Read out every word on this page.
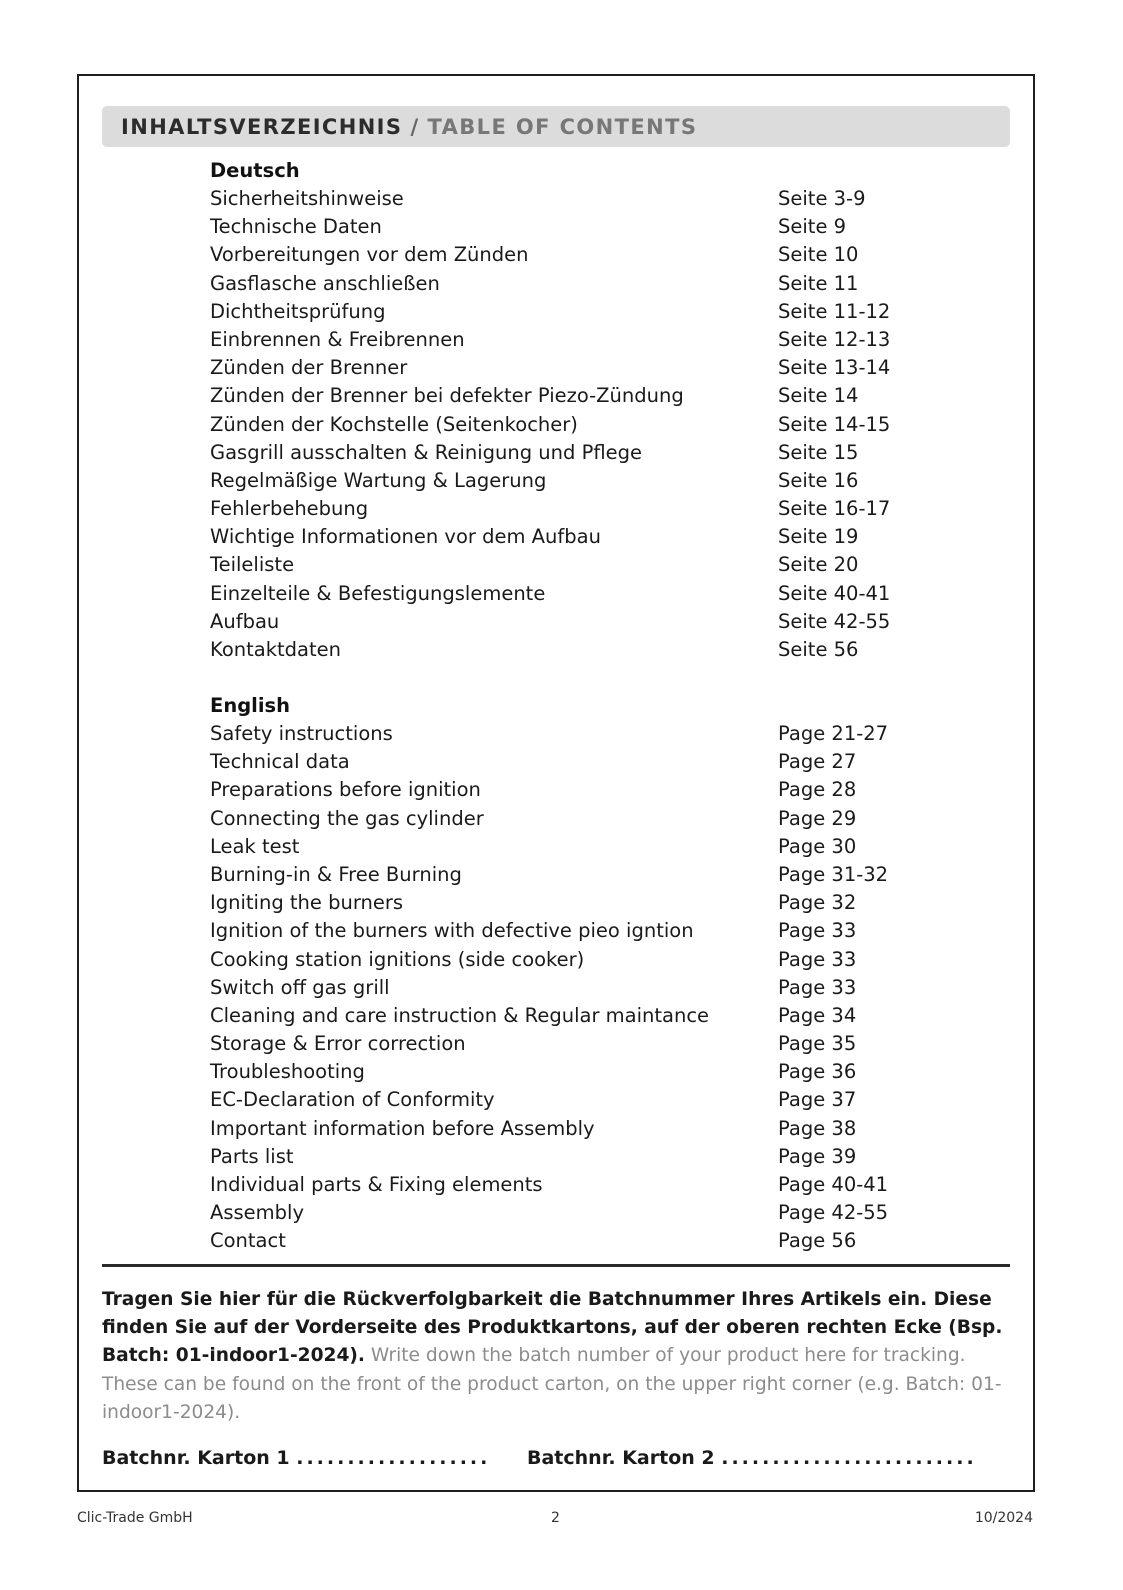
INHALTSVERZEICHNIS / TABLE OF CONTENTS
Deutsch
Sicherheitshinweise	Seite 3-9
Technische Daten	Seite 9
Vorbereitungen vor dem Zünden	Seite 10
Gasflasche anschließen	Seite 11
Dichtheitsprüfung	Seite 11-12
Einbrennen & Freibrennen	Seite 12-13
Zünden der Brenner	Seite 13-14
Zünden der Brenner bei defekter Piezo-Zündung	Seite 14
Zünden der Kochstelle (Seitenkocher)	Seite 14-15
Gasgrill ausschalten & Reinigung und Pflege	Seite 15
Regelmäßige Wartung & Lagerung	Seite 16
Fehlerbehebung	Seite 16-17
Wichtige Informationen vor dem Aufbau	Seite 19
Teileliste	Seite 20
Einzelteile & Befestigungslemente	Seite 40-41
Aufbau	Seite 42-55
Kontaktdaten	Seite 56
English
Safety instructions	Page 21-27
Technical data	Page 27
Preparations before ignition	Page 28
Connecting the gas cylinder	Page 29
Leak test	Page 30
Burning-in & Free Burning	Page 31-32
Igniting the burners	Page 32
Ignition of the burners with defective pieo igntion	Page 33
Cooking station ignitions (side cooker)	Page 33
Switch off gas grill	Page 33
Cleaning and care instruction & Regular maintance	Page 34
Storage & Error correction	Page 35
Troubleshooting	Page 36
EC-Declaration of Conformity	Page 37
Important information before Assembly	Page 38
Parts list	Page 39
Individual parts & Fixing elements	Page 40-41
Assembly	Page 42-55
Contact	Page 56
Tragen Sie hier für die Rückverfolgbarkeit die Batchnummer Ihres Artikels ein. Diese finden Sie auf der Vorderseite des Produktkartons, auf der oberen rechten Ecke (Bsp. Batch: 01-indoor1-2024). Write down the batch number of your product here for tracking. These can be found on the front of the product carton, on the upper right corner (e.g. Batch: 01-indoor1-2024).
Batchnr. Karton 1 ................... Batchnr. Karton 2 .........................
Clic-Trade GmbH	2	10/2024
